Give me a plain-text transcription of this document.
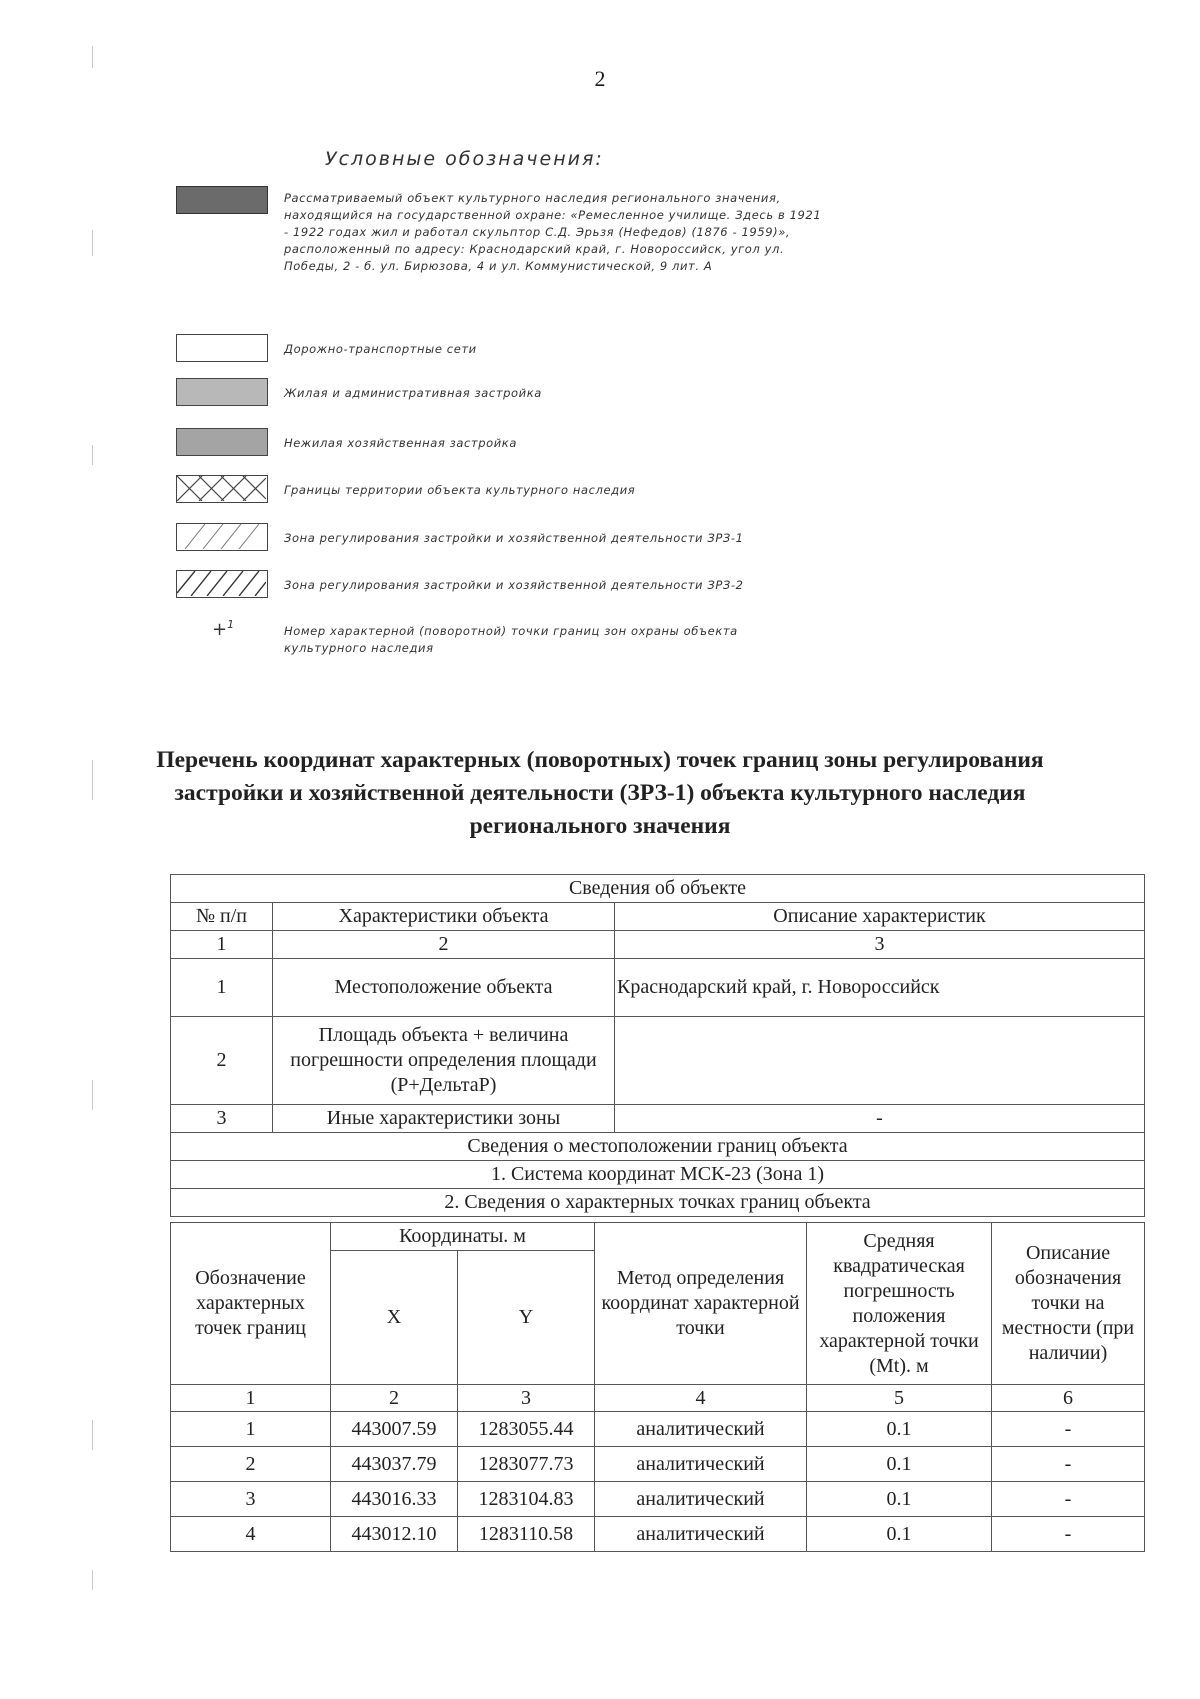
2
Условные обозначения:
Рассматриваемый объект культурного наследия регионального значения, находящийся на государственной охране: «Ремесленное училище. Здесь в 1921 - 1922 годах жил и работал скульптор С.Д. Эрьзя (Нефедов) (1876 - 1959)», расположенный по адресу: Краснодарский край, г. Новороссийск, угол ул. Победы, 2 - б. ул. Бирюзова, 4 и ул. Коммунистической, 9 лит. А
Дорожно-транспортные сети
Жилая и административная застройка
Нежилая хозяйственная застройка
Границы территории объекта культурного наследия
Зона регулирования застройки и хозяйственной деятельности ЗРЗ-1
Зона регулирования застройки и хозяйственной деятельности ЗРЗ-2
+$^1$	Номер характерной (поворотной) точки границ зон охраны объекта культурного наследия
Перечень координат характерных (поворотных) точек границ зоны регулирования застройки и хозяйственной деятельности (ЗРЗ-1) объекта культурного наследия регионального значения
Сведения об объекте		
№ п/п	Характеристики объекта	Описание характеристик
1	2	3
1	Местоположение объекта	Краснодарский край, г. Новороссийск
2	Площадь объекта + величина погрешности определения площади (P+ДельтаP)	
3	Иные характеристики зоны	-
Сведения о местоположении границ объекта		
1. Система координат МСК-23 (Зона 1)		
2. Сведения о характерных точках границ объекта		
Обозначение характерных точек границ	Координаты. м		Метод определения координат характерной точки	Средняя квадратическая погрешность положения характерной точки (Mt). м	Описание обозначения точки на местности (при наличии)
	X	Y			
1	2	3	4	5	6
1	443007.59	1283055.44	аналитический	0.1	-
2	443037.79	1283077.73	аналитический	0.1	-
3	443016.33	1283104.83	аналитический	0.1	-
4	443012.10	1283110.58	аналитический	0.1	-
